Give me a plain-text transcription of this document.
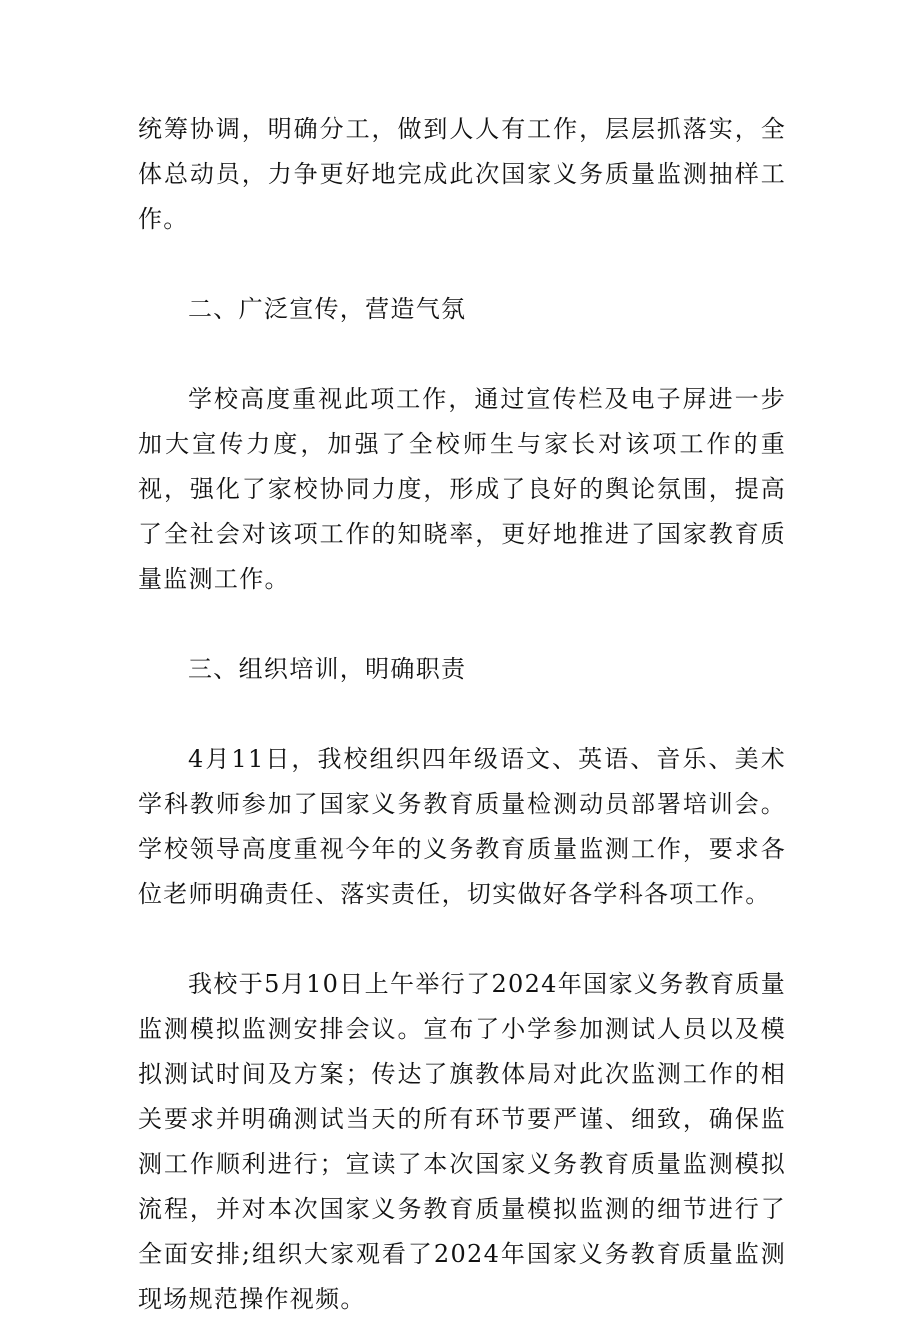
统筹协调，明确分工，做到人人有工作，层层抓落实，全体总动员，力争更好地完成此次国家义务质量监测抽样工作。

二、广泛宣传，营造气氛

学校高度重视此项工作，通过宣传栏及电子屏进一步加大宣传力度，加强了全校师生与家长对该项工作的重视，强化了家校协同力度，形成了良好的舆论氛围，提高了全社会对该项工作的知晓率，更好地推进了国家教育质量监测工作。

三、组织培训，明确职责

4月11日，我校组织四年级语文、英语、音乐、美术学科教师参加了国家义务教育质量检测动员部署培训会。学校领导高度重视今年的义务教育质量监测工作，要求各位老师明确责任、落实责任，切实做好各学科各项工作。

我校于5月10日上午举行了2024年国家义务教育质量监测模拟监测安排会议。宣布了小学参加测试人员以及模拟测试时间及方案；传达了旗教体局对此次监测工作的相关要求并明确测试当天的所有环节要严谨、细致，确保监测工作顺利进行；宣读了本次国家义务教育质量监测模拟流程，并对本次国家义务教育质量模拟监测的细节进行了全面安排;组织大家观看了2024年国家义务教育质量监测现场规范操作视频。
